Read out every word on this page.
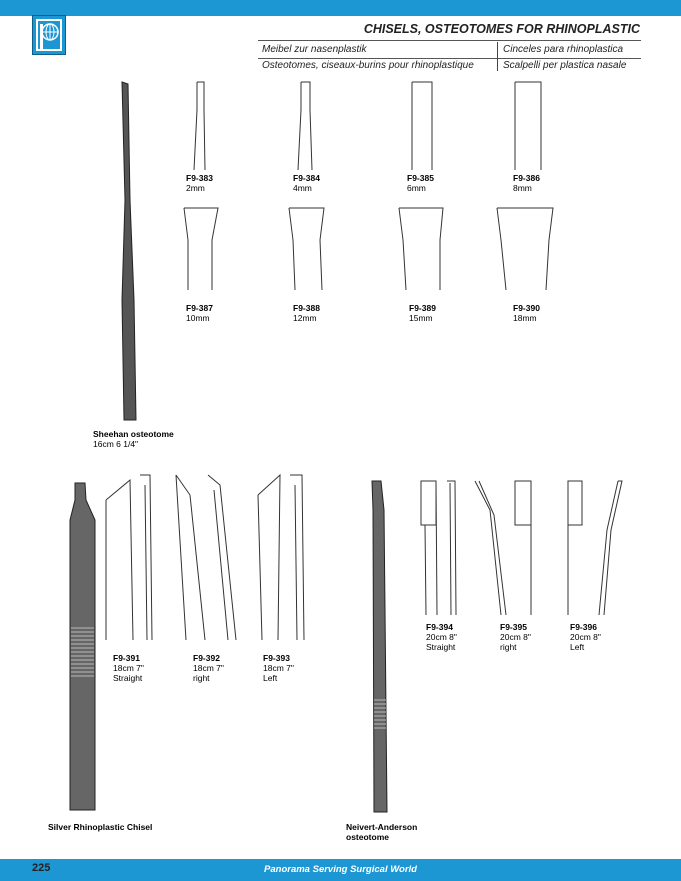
CHISELS, OSTEOTOMES FOR RHINOPLASTIC
Meibel zur nasenplastik
Osteotomes, ciseaux-burins pour rhinoplastique
Cinceles para rhinoplastica
Scalpelli per plastica nasale
F9-383
2mm
F9-384
4mm
F9-385
6mm
F9-386
8mm
F9-387
10mm
F9-388
12mm
F9-389
15mm
F9-390
18mm
Sheehan osteotome
16cm 6 1/4"
F9-391
18cm 7"
Straight
F9-392
18cm 7"
right
F9-393
18cm 7"
Left
Silver Rhinoplastic Chisel
F9-394
20cm 8"
Straight
F9-395
20cm 8"
right
F9-396
20cm 8"
Left
Neivert-Anderson
osteotome
225	Panorama Serving Surgical World
